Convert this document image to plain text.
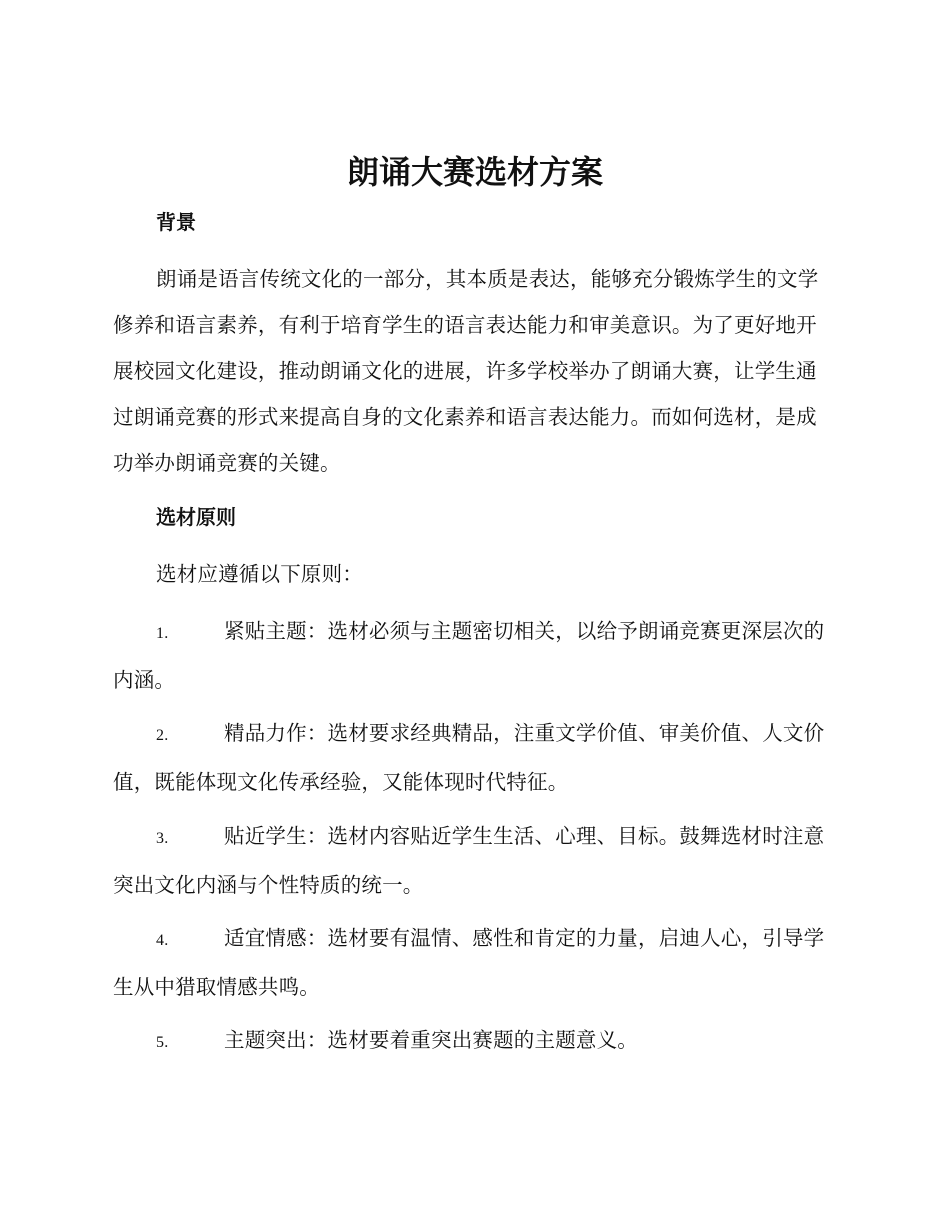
朗诵大赛选材方案
背景

朗诵是语言传统文化的一部分，其本质是表达，能够充分锻炼学生的文学修养和语言素养，有利于培育学生的语言表达能力和审美意识。为了更好地开展校园文化建设，推动朗诵文化的进展，许多学校举办了朗诵大赛，让学生通过朗诵竞赛的形式来提高自身的文化素养和语言表达能力。而如何选材，是成功举办朗诵竞赛的关键。

选材原则

选材应遵循以下原则：

1.	紧贴主题：选材必须与主题密切相关，以给予朗诵竞赛更深层次的内涵。

2.	精品力作：选材要求经典精品，注重文学价值、审美价值、人文价值，既能体现文化传承经验，又能体现时代特征。

3.	贴近学生：选材内容贴近学生生活、心理、目标。鼓舞选材时注意突出文化内涵与个性特质的统一。

4.	适宜情感：选材要有温情、感性和肯定的力量，启迪人心，引导学生从中猎取情感共鸣。

5.	主题突出：选材要着重突出赛题的主题意义。
